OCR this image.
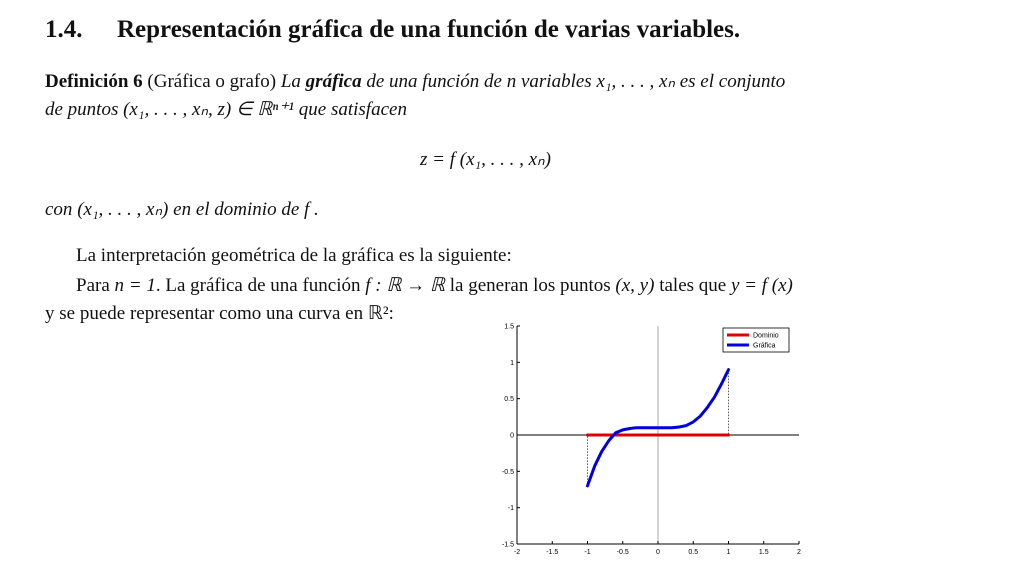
1.4. Representación gráfica de una función de varias variables.
Definición 6 (Gráfica o grafo) La gráfica de una función de n variables x₁, . . . , xₙ es el conjunto
de puntos (x₁, . . . , xₙ, z) ∈ ℝⁿ⁺¹ que satisfacen
z = f (x₁, . . . , xₙ)
con (x₁, . . . , xₙ) en el dominio de f .
La interpretación geométrica de la gráfica es la siguiente:
Para n = 1. La gráfica de una función f : ℝ → ℝ la generan los puntos (x, y) tales que y = f (x)
y se puede representar como una curva en ℝ²:
-2	-1.5	-1	-0.5	0	0.5	1	1.5	2
1.5
1
0.5
0
-0.5
-1
-1.5
Dominio
Gráfica
